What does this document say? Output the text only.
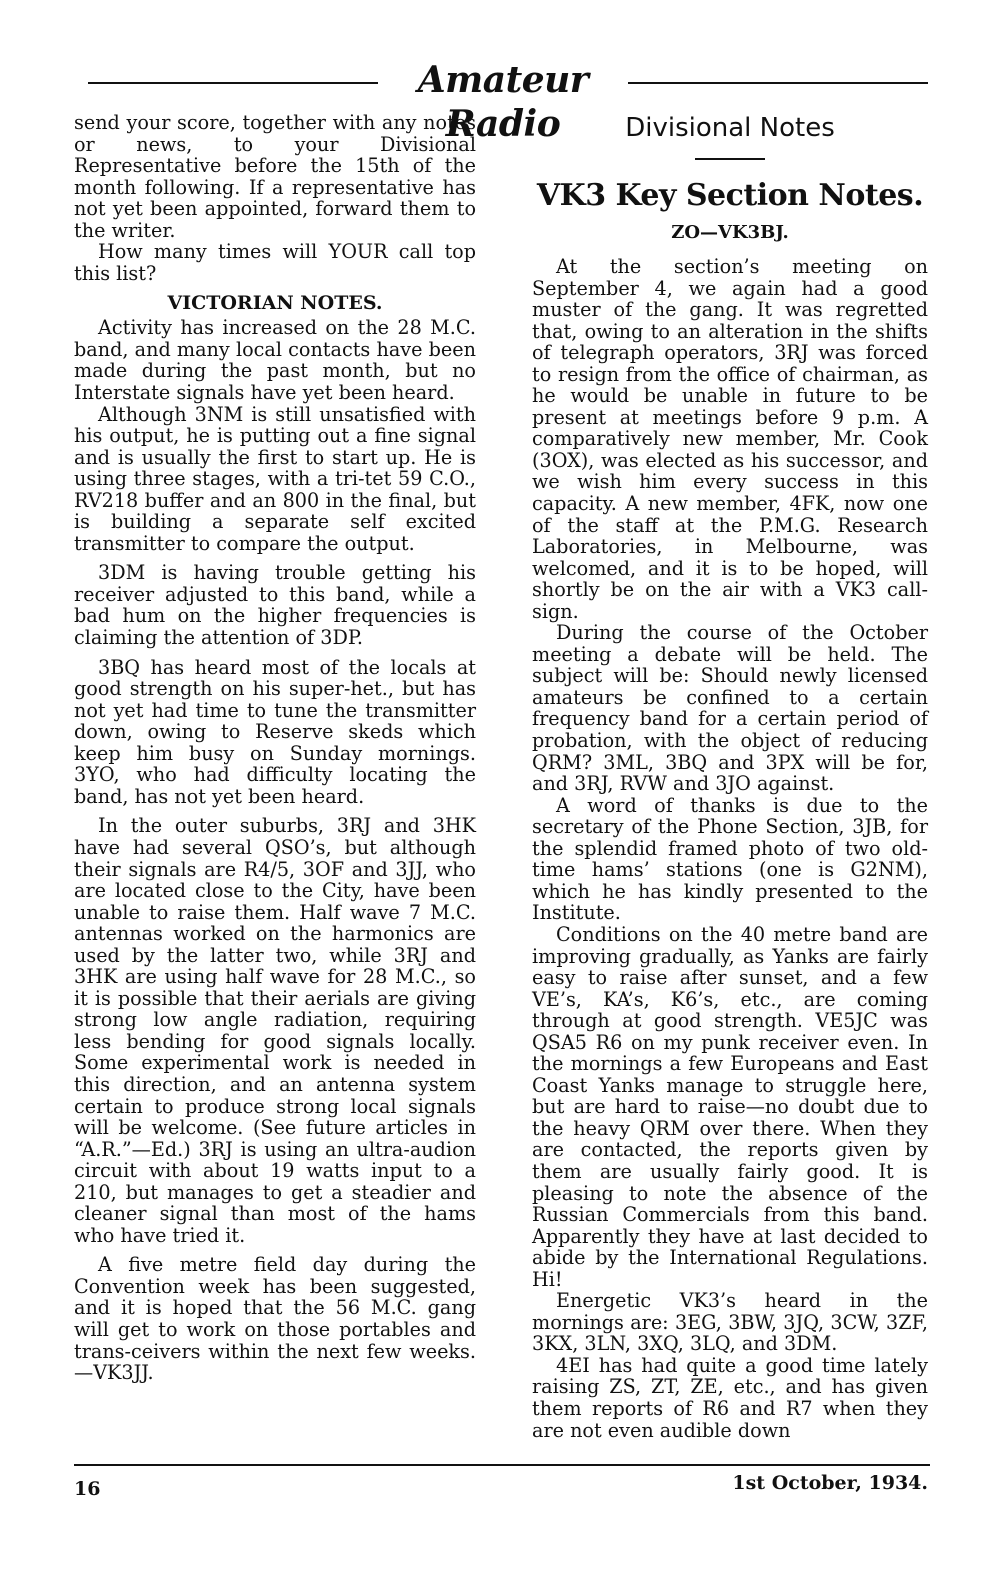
Amateur Radio

send your score, together with any notes or news, to your Divisional Representative before the 15th of the month following. If a representative has not yet been appointed, forward them to the writer.

How many times will YOUR call top this list?

VICTORIAN NOTES.

Activity has increased on the 28 M.C. band, and many local contacts have been made during the past month, but no Interstate signals have yet been heard.

Although 3NM is still unsatisfied with his output, he is putting out a fine signal and is usually the first to start up. He is using three stages, with a tri-tet 59 C.O., RV218 buffer and an 800 in the final, but is building a separate self excited transmitter to compare the output.

3DM is having trouble getting his receiver adjusted to this band, while a bad hum on the higher frequencies is claiming the attention of 3DP.

3BQ has heard most of the locals at good strength on his super-het., but has not yet had time to tune the transmitter down, owing to Reserve skeds which keep him busy on Sunday mornings. 3YO, who had difficulty locating the band, has not yet been heard.

In the outer suburbs, 3RJ and 3HK have had several QSO’s, but although their signals are R4/5, 3OF and 3JJ, who are located close to the City, have been unable to raise them. Half wave 7 M.C. antennas worked on the harmonics are used by the latter two, while 3RJ and 3HK are using half wave for 28 M.C., so it is possible that their aerials are giving strong low angle radiation, requiring less bending for good signals locally. Some experimental work is needed in this direction, and an antenna system certain to produce strong local signals will be welcome. (See future articles in “A.R.”—Ed.) 3RJ is using an ultra-audion circuit with about 19 watts input to a 210, but manages to get a steadier and cleaner signal than most of the hams who have tried it.

A five metre field day during the Convention week has been suggested, and it is hoped that the 56 M.C. gang will get to work on those portables and trans-ceivers within the next few weeks.—VK3JJ.

Divisional Notes
VK3 Key Section Notes.
ZO—VK3BJ.

At the section’s meeting on September 4, we again had a good muster of the gang. It was regretted that, owing to an alteration in the shifts of telegraph operators, 3RJ was forced to resign from the office of chairman, as he would be unable in future to be present at meetings before 9 p.m. A comparatively new member, Mr. Cook (3OX), was elected as his successor, and we wish him every success in this capacity. A new member, 4FK, now one of the staff at the P.M.G. Research Laboratories, in Melbourne, was welcomed, and it is to be hoped, will shortly be on the air with a VK3 call-sign.

During the course of the October meeting a debate will be held. The subject will be: Should newly licensed amateurs be confined to a certain frequency band for a certain period of probation, with the object of reducing QRM? 3ML, 3BQ and 3PX will be for, and 3RJ, RVW and 3JO against.

A word of thanks is due to the secretary of the Phone Section, 3JB, for the splendid framed photo of two old-time hams’ stations (one is G2NM), which he has kindly presented to the Institute.

Conditions on the 40 metre band are improving gradually, as Yanks are fairly easy to raise after sunset, and a few VE’s, KA’s, K6’s, etc., are coming through at good strength. VE5JC was QSA5 R6 on my punk receiver even. In the mornings a few Europeans and East Coast Yanks manage to struggle here, but are hard to raise—no doubt due to the heavy QRM over there. When they are contacted, the reports given by them are usually fairly good. It is pleasing to note the absence of the Russian Commercials from this band. Apparently they have at last decided to abide by the International Regulations. Hi!

Energetic VK3’s heard in the mornings are: 3EG, 3BW, 3JQ, 3CW, 3ZF, 3KX, 3LN, 3XQ, 3LQ, and 3DM.

4EI has had quite a good time lately raising ZS, ZT, ZE, etc., and has given them reports of R6 and R7 when they are not even audible down

16	1st October, 1934.
